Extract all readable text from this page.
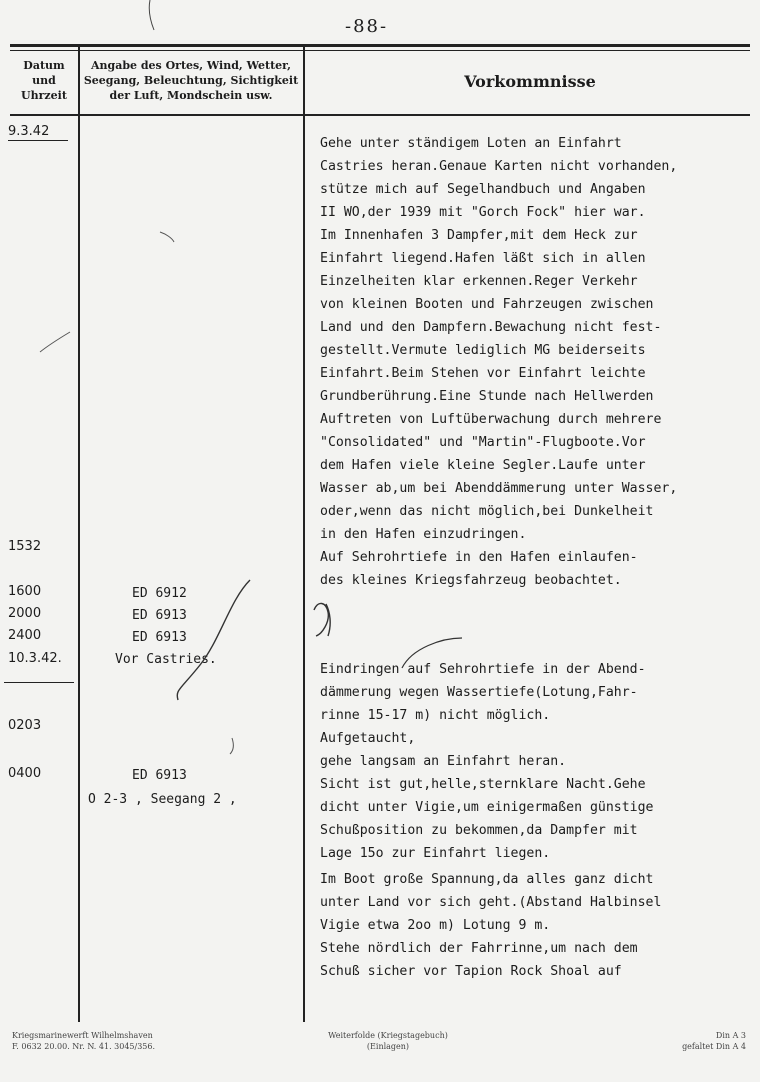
-88-
Datum
und
Uhrzeit
Angabe des Ortes, Wind, Wetter,
Seegang, Beleuchtung, Sichtigkeit
der Luft, Mondschein usw.
Vorkommnisse
9.3.42
1532
1600
2000
2400
10.3.42.
0203
0400
ED 6912
ED 6913
ED 6913
Vor Castries.
ED 6913
O 2-3 , Seegang 2 ,
Gehe unter ständigem Loten an Einfahrt
Castries heran.Genaue Karten nicht vorhanden,
stütze mich auf Segelhandbuch und Angaben
II WO,der 1939 mit "Gorch Fock" hier war.
Im Innenhafen 3 Dampfer,mit dem Heck zur
Einfahrt liegend.Hafen läßt sich in allen
Einzelheiten klar erkennen.Reger Verkehr
von kleinen Booten und Fahrzeugen zwischen
Land und den Dampfern.Bewachung nicht fest-
gestellt.Vermute lediglich MG beiderseits
Einfahrt.Beim Stehen vor Einfahrt leichte
Grundberührung.Eine Stunde nach Hellwerden
Auftreten von Luftüberwachung durch mehrere
"Consolidated" und "Martin"-Flugboote.Vor
dem Hafen viele kleine Segler.Laufe unter
Wasser ab,um bei Abenddämmerung unter Wasser,
oder,wenn das nicht möglich,bei Dunkelheit
in den Hafen einzudringen.
Auf Sehrohrtiefe in den Hafen einlaufen-
des kleines Kriegsfahrzeug beobachtet.
Eindringen auf Sehrohrtiefe in der Abend-
dämmerung wegen Wassertiefe(Lotung,Fahr-
rinne 15-17 m) nicht möglich.
Aufgetaucht,
gehe langsam an Einfahrt heran.
Sicht ist gut,helle,sternklare Nacht.Gehe
dicht unter Vigie,um einigermaßen günstige
Schußposition zu bekommen,da Dampfer mit
Lage 15o zur Einfahrt liegen.
Im Boot große Spannung,da alles ganz dicht
unter Land vor sich geht.(Abstand Halbinsel
Vigie etwa 2oo m) Lotung 9 m.
Stehe nördlich der Fahrrinne,um nach dem
Schuß sicher vor Tapion Rock Shoal auf
Kriegsmarinewerft Wilhelmshaven
F. 0632 20.00. Nr. N. 41. 3045/356.
Weiterfolde (Kriegstagebuch)
(Einlagen)
Din A 3
gefaltet Din A 4
